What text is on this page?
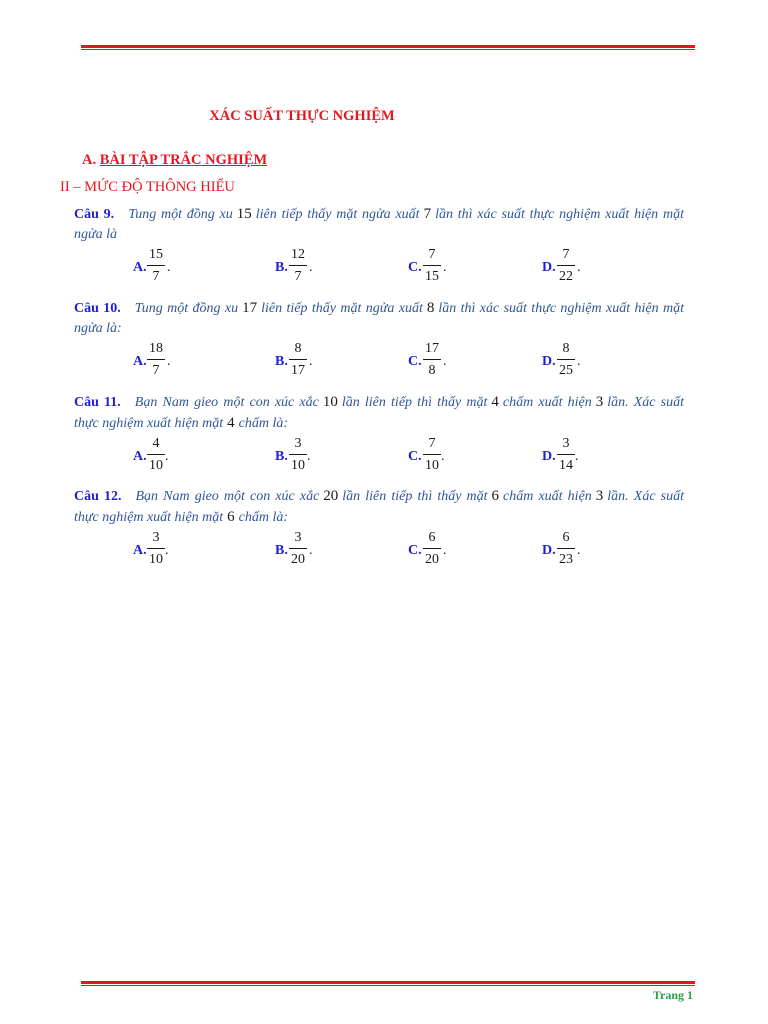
XÁC SUẤT THỰC NGHIỆM
A. BÀI TẬP TRẮC NGHIỆM
II – MỨC ĐỘ THÔNG HIỂU
Câu 9. Tung một đồng xu 15 liên tiếp thấy mặt ngửa xuất 7 lần thì xác suất thực nghiệm xuất hiện mặt ngửa là
A. $\frac{15}{7}$ .	B. $\frac{12}{7}$ .	C. $\frac{7}{15}$ .	D. $\frac{7}{22}$ .
Câu 10. Tung một đồng xu 17 liên tiếp thấy mặt ngửa xuất 8 lần thì xác suất thực nghiệm xuất hiện mặt ngửa là:
A. $\frac{18}{7}$ .	B. $\frac{8}{17}$ .	C. $\frac{17}{8}$ .	D. $\frac{8}{25}$ .
Câu 11. Bạn Nam gieo một con xúc xắc 10 lần liên tiếp thì thấy mặt 4 chấm xuất hiện 3 lần. Xác suất thực nghiệm xuất hiện mặt 4 chấm là:
A. $\frac{4}{10}$ .	B. $\frac{3}{10}$ .	C. $\frac{7}{10}$ .	D. $\frac{3}{14}$ .
Câu 12. Bạn Nam gieo một con xúc xắc 20 lần liên tiếp thì thấy mặt 6 chấm xuất hiện 3 lần. Xác suất thực nghiệm xuất hiện mặt 6 chấm là:
A. $\frac{3}{10}$ .	B. $\frac{3}{20}$ .	C. $\frac{6}{20}$ .	D. $\frac{6}{23}$ .
Trang 1
